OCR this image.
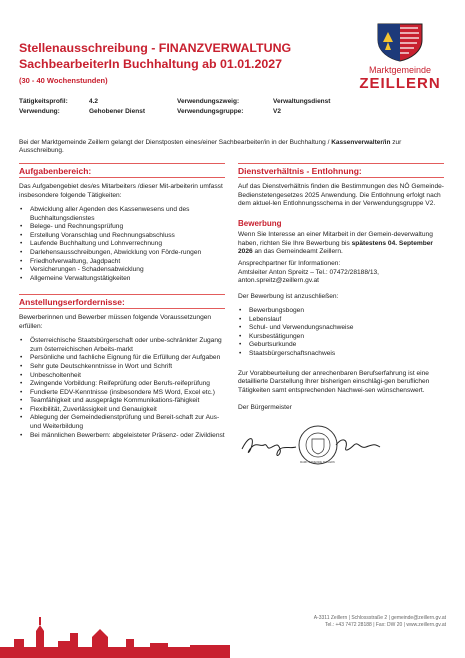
Stellenausschreibung - FINANZVERWALTUNG
SachbearbeiterIn Buchhaltung ab 01.01.2027
(30 - 40 Wochenstunden)
Marktgemeinde
ZEILLERN
Tätigkeitsprofil:	4.2	Verwendungszweig:	Verwaltungsdienst
Verwendung:	Gehobener Dienst	Verwendungsgruppe:	V2
Bei der Marktgemeinde Zeillern gelangt der Dienstposten eines/einer Sachbearbeiter/in in der Buchhaltung / Kassenverwalter/in zur Ausschreibung.
Aufgabenbereich:

Das Aufgabengebiet des/es Mitarbeiters /dieser Mit-arbeiterin umfasst insbesondere folgende Tätigkeiten:

• Abwicklung aller Agenden des Kassenwesens und des Buchhaltungsdienstes
• Belege- und Rechnungsprüfung
• Erstellung Voranschlag und Rechnungsabschluss
• Laufende Buchhaltung und Lohnverrechnung
• Darlehensausschreibungen, Abwicklung von Förde-rungen
• Friedhofverwaltung, Jagdpacht
• Versicherungen - Schadensabwicklung
• Allgemeine Verwaltungstätigkeiten
Anstellungserfordernisse:

Bewerberinnen und Bewerber müssen folgende Voraussetzungen erfüllen:

• Österreichische Staatsbürgerschaft oder unbe-schränkter Zugang zum österreichischen Arbeits-markt
• Persönliche und fachliche Eignung für die Erfüllung der Aufgaben
• Sehr gute Deutschkenntnisse in Wort und Schrift
• Unbescholtenheit
• Zwingende Vorbildung: Reifeprüfung oder Berufs-reifeprüfung
• Fundierte EDV-Kenntnisse (insbesondere MS Word, Excel etc.)
• Teamfähigkeit und ausgeprägte Kommunikations-fähigkeit
• Flexibilität, Zuverlässigkeit und Genauigkeit
• Ablegung der Gemeindedienstprüfung und Bereit-schaft zur Aus- und Weiterbildung
• Bei männlichen Bewerbern: abgeleisteter Präsenz- oder Zivildienst
Dienstverhältnis - Entlohnung:

Auf das Dienstverhältnis finden die Bestimmungen des NÖ Gemeinde-Bedienstetengesetzes 2025 Anwendung. Die Entlohnung erfolgt nach dem aktuel-len Entlohnungsschema in der Verwendungsgruppe V2.

Bewerbung

Wenn Sie Interesse an einer Mitarbeit in der Gemein-deverwaltung haben, richten Sie Ihre Bewerbung bis spätestens 04. September 2026 an das Gemeindeamt Zeillern.

Ansprechpartner für Informationen:
Amtsleiter Anton Spreitz – Tel.: 07472/28188/13,
anton.spreitz@zeillern.gv.at

Der Bewerbung ist anzuschließen:

• Bewerbungsbogen
• Lebenslauf
• Schul- und Verwendungsnachweise
• Kursbestätigungen
• Geburtsurkunde
• Staatsbürgerschaftsnachweis

Zur Vorabbeurteilung der anrechenbaren Berufserfahrung ist eine detaillierte Darstellung Ihrer bisherigen einschlägi-gen beruflichen Tätigkeiten samt entsprechenden Nachwei-sen wünschenswert.

Der Bürgermeister

MARKTGEMEINDE ZEILLERN
A-3311 Zeillern | Schlossstraße 2 | gemeinde@zeillern.gv.at
Tel.: +43 7472 28188 | Fax: DW 20 | www.zeillern.gv.at
